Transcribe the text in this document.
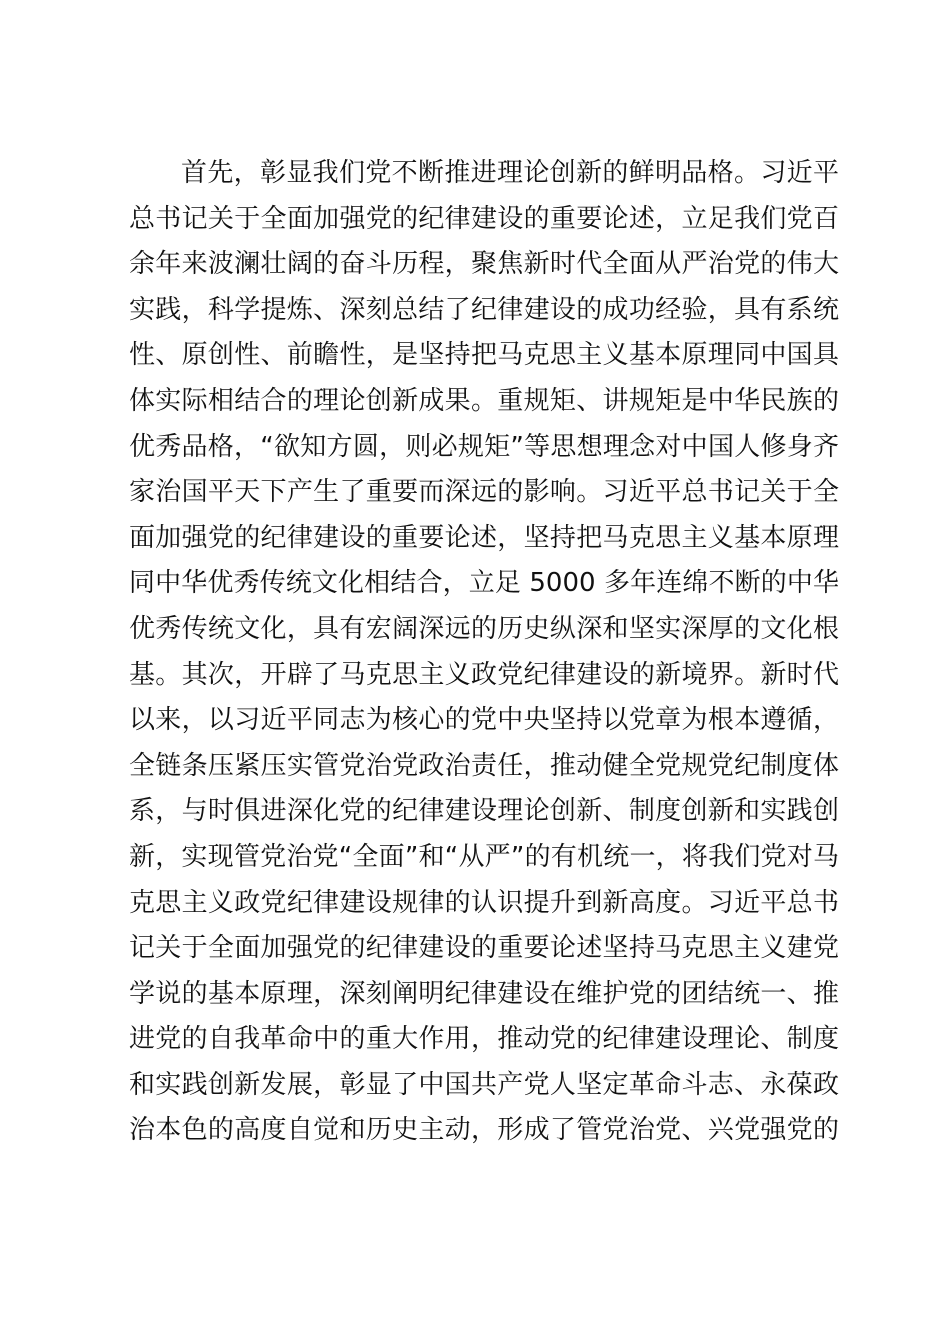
首先，彰显我们党不断推进理论创新的鲜明品格。习近平
总书记关于全面加强党的纪律建设的重要论述，立足我们党百
余年来波澜壮阔的奋斗历程，聚焦新时代全面从严治党的伟大
实践，科学提炼、深刻总结了纪律建设的成功经验，具有系统
性、原创性、前瞻性，是坚持把马克思主义基本原理同中国具
体实际相结合的理论创新成果。重规矩、讲规矩是中华民族的
优秀品格，“欲知方圆，则必规矩”等思想理念对中国人修身齐
家治国平天下产生了重要而深远的影响。习近平总书记关于全
面加强党的纪律建设的重要论述，坚持把马克思主义基本原理
同中华优秀传统文化相结合，立足 5000 多年连绵不断的中华
优秀传统文化，具有宏阔深远的历史纵深和坚实深厚的文化根
基。其次，开辟了马克思主义政党纪律建设的新境界。新时代
以来，以习近平同志为核心的党中央坚持以党章为根本遵循，
全链条压紧压实管党治党政治责任，推动健全党规党纪制度体
系，与时俱进深化党的纪律建设理论创新、制度创新和实践创
新，实现管党治党“全面”和“从严”的有机统一，将我们党对马
克思主义政党纪律建设规律的认识提升到新高度。习近平总书
记关于全面加强党的纪律建设的重要论述坚持马克思主义建党
学说的基本原理，深刻阐明纪律建设在维护党的团结统一、推
进党的自我革命中的重大作用，推动党的纪律建设理论、制度
和实践创新发展，彰显了中国共产党人坚定革命斗志、永葆政
治本色的高度自觉和历史主动，形成了管党治党、兴党强党的
